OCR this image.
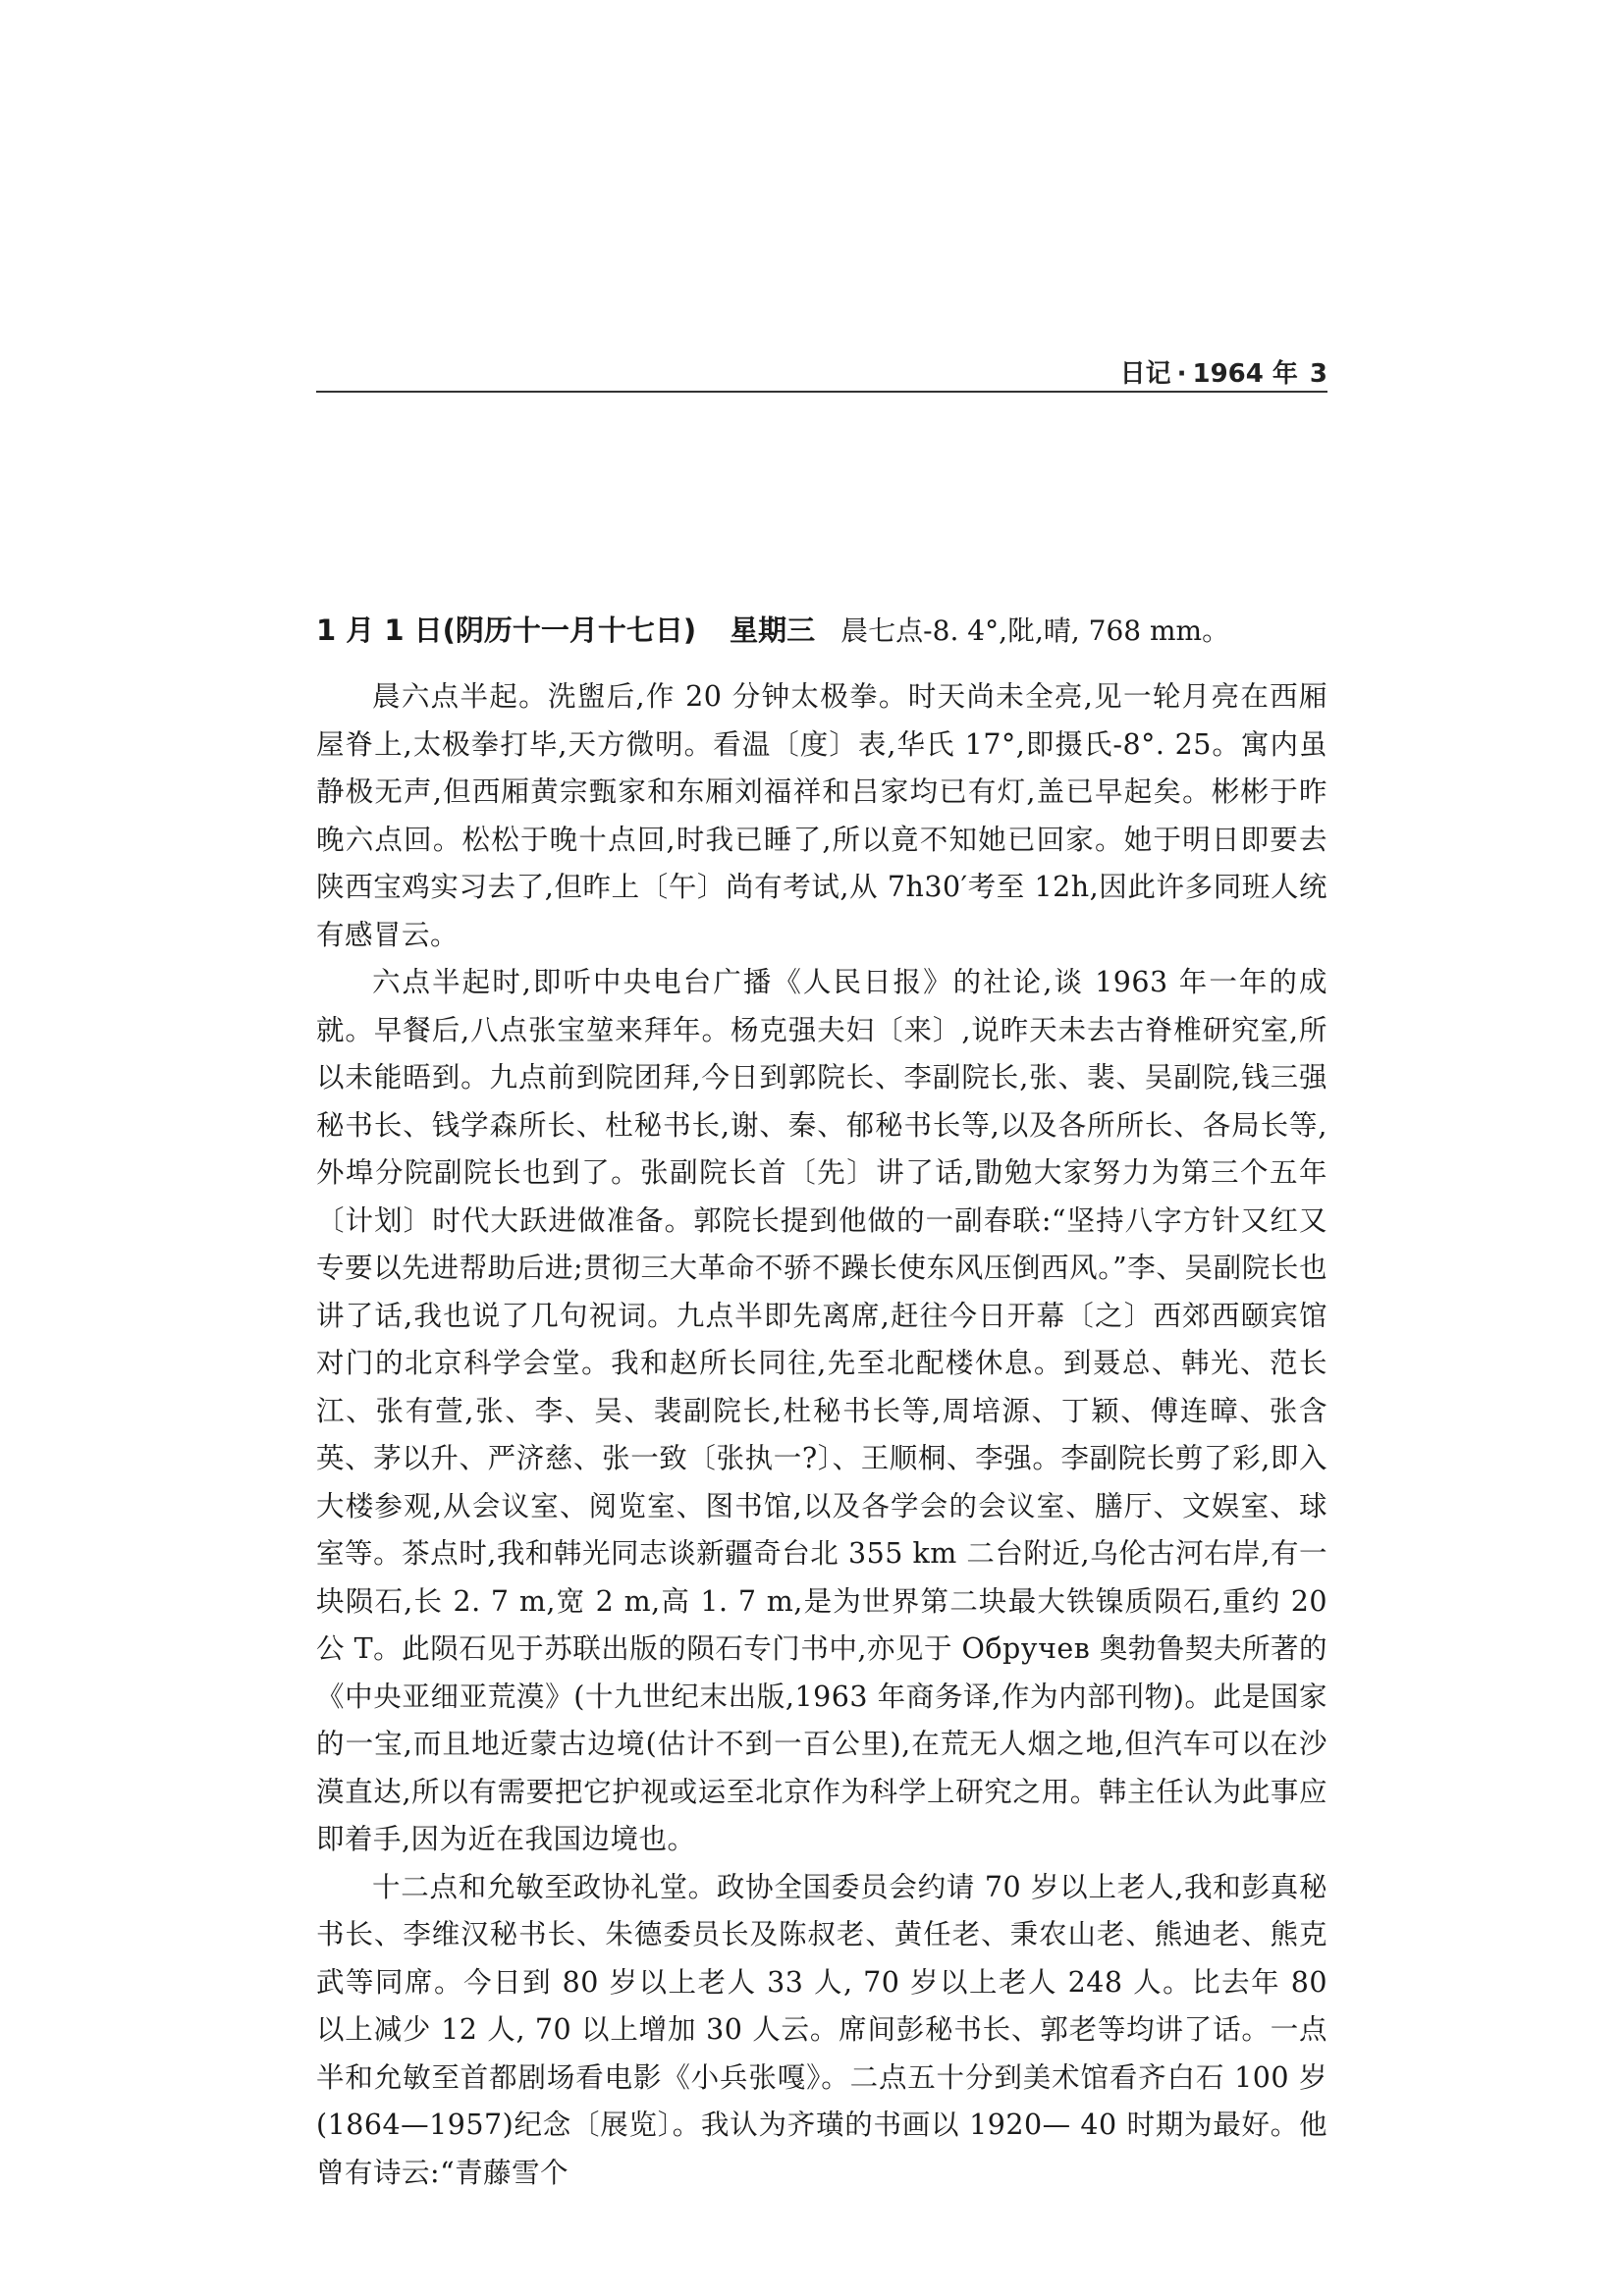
日记 · 1964 年 3
1 月 1 日(阴历十一月十七日) 星期三 晨七点-8. 4°,阰,晴, 768 mm。

晨六点半起。洗盥后,作 20 分钟太极拳。时天尚未全亮,见一轮月亮在西厢屋脊上,太极拳打毕,天方微明。看温〔度〕表,华氏 17°,即摄氏-8°. 25。寓内虽静极无声,但西厢黄宗甄家和东厢刘福祥和吕家均已有灯,盖已早起矣。彬彬于昨晚六点回。松松于晚十点回,时我已睡了,所以竟不知她已回家。她于明日即要去陕西宝鸡实习去了,但昨上〔午〕尚有考试,从 7h30′考至 12h,因此许多同班人统有感冒云。

六点半起时,即听中央电台广播《人民日报》的社论,谈 1963 年一年的成就。早餐后,八点张宝堃来拜年。杨克强夫妇〔来〕,说昨天未去古脊椎研究室,所以未能晤到。九点前到院团拜,今日到郭院长、李副院长,张、裴、吴副院,钱三强秘书长、钱学森所长、杜秘书长,谢、秦、郁秘书长等,以及各所所长、各局长等,外埠分院副院长也到了。张副院长首〔先〕讲了话,勖勉大家努力为第三个五年〔计划〕时代大跃进做准备。郭院长提到他做的一副春联:“坚持八字方针又红又专要以先进帮助后进;贯彻三大革命不骄不躁长使东风压倒西风。”李、吴副院长也讲了话,我也说了几句祝词。九点半即先离席,赶往今日开幕〔之〕西郊西颐宾馆对门的北京科学会堂。我和赵所长同往,先至北配楼休息。到聂总、韩光、范长江、张有萱,张、李、吴、裴副院长,杜秘书长等,周培源、丁颖、傅连暲、张含英、茅以升、严济慈、张一致〔张执一?〕、王顺桐、李强。李副院长剪了彩,即入大楼参观,从会议室、阅览室、图书馆,以及各学会的会议室、膳厅、文娱室、球室等。茶点时,我和韩光同志谈新疆奇台北 355 km 二台附近,乌伦古河右岸,有一块陨石,长 2. 7 m,宽 2 m,高 1. 7 m,是为世界第二块最大铁镍质陨石,重约 20 公 T。此陨石见于苏联出版的陨石专门书中,亦见于 Обручев 奥勃鲁契夫所著的《中央亚细亚荒漠》(十九世纪末出版,1963 年商务译,作为内部刊物)。此是国家的一宝,而且地近蒙古边境(估计不到一百公里),在荒无人烟之地,但汽车可以在沙漠直达,所以有需要把它护视或运至北京作为科学上研究之用。韩主任认为此事应即着手,因为近在我国边境也。

十二点和允敏至政协礼堂。政协全国委员会约请 70 岁以上老人,我和彭真秘书长、李维汉秘书长、朱德委员长及陈叔老、黄任老、秉农山老、熊迪老、熊克武等同席。今日到 80 岁以上老人 33 人, 70 岁以上老人 248 人。比去年 80 以上减少 12 人, 70 以上增加 30 人云。席间彭秘书长、郭老等均讲了话。一点半和允敏至首都剧场看电影《小兵张嘎》。二点五十分到美术馆看齐白石 100 岁(1864—1957)纪念〔展览〕。我认为齐璜的书画以 1920— 40 时期为最好。他曾有诗云:“青藤雪个
